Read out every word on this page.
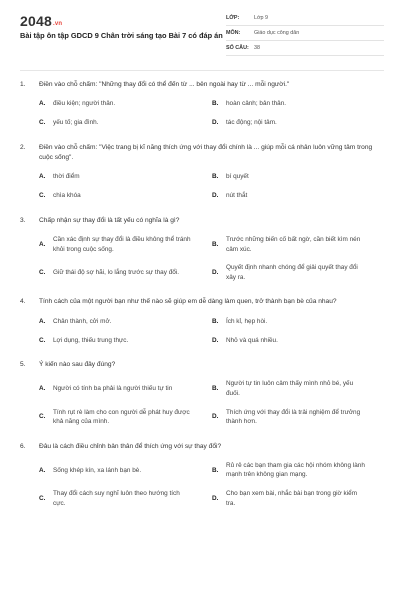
2048.vn
Bài tập ôn tập GDCD 9 Chân trời sáng tạo Bài 7 có đáp án
LỚP:	Lớp 9
MÔN:	Giáo dục công dân
SỐ CÂU: 38
1. Điền vào chỗ chấm: "Những thay đổi có thể đến từ ... bên ngoài hay từ ... mỗi người."
A.	điều kiện; người thân.	B.	hoàn cảnh; bản thân.
C.	yếu tố; gia đình.	D.	tác động; nội tâm.
2. Điền vào chỗ chấm: "Việc trang bị kĩ năng thích ứng với thay đổi chính là ... giúp mỗi cá nhân luôn vững tâm trong cuộc sống".
A.	thời điểm	B.	bí quyết
C.	chìa khóa	D.	nút thắt
3. Chấp nhận sự thay đổi là tất yếu có nghĩa là gì?
A.
Cần xác định sự thay đổi là điều không thể tránh khỏi trong cuộc sống.
B.
Trước những biến cố bất ngờ, cần biết kìm nén cảm xúc.
C.	Giữ thái độ sợ hãi, lo lắng trước sự thay đổi.	D.
Quyết định nhanh chóng để giải quyết thay đổi xảy ra.
4. Tính cách của một người bạn như thế nào sẽ giúp em dễ dàng làm quen, trở thành bạn bè của nhau?
A.	Chân thành, cởi mở.	B.	Ích kỉ, hẹp hòi.
C.	Lợi dụng, thiếu trung thực.	D.	Nhỏ và quá nhiều.
5. Ý kiến nào sau đây đúng?
A.	Người có tính ba phải là người thiếu tự tin	B.
Người tự tin luôn cảm thấy mình nhỏ bé, yếu đuối.
C.
Tính rụt rè làm cho con người dễ phát huy được khả năng của mình.
D.
Thích ứng với thay đổi là trải nghiệm để trưởng thành hơn.
6. Đâu là cách điều chỉnh bản thân để thích ứng với sự thay đổi?
A.	Sống khép kín, xa lánh bạn bè.	B.
Rủ rê các bạn tham gia các hội nhóm không lành mạnh trên không gian mạng.
C.
Thay đổi cách suy nghĩ luôn theo hướng tích cực.
D.
Cho bạn xem bài, nhắc bài bạn trong giờ kiểm tra.
